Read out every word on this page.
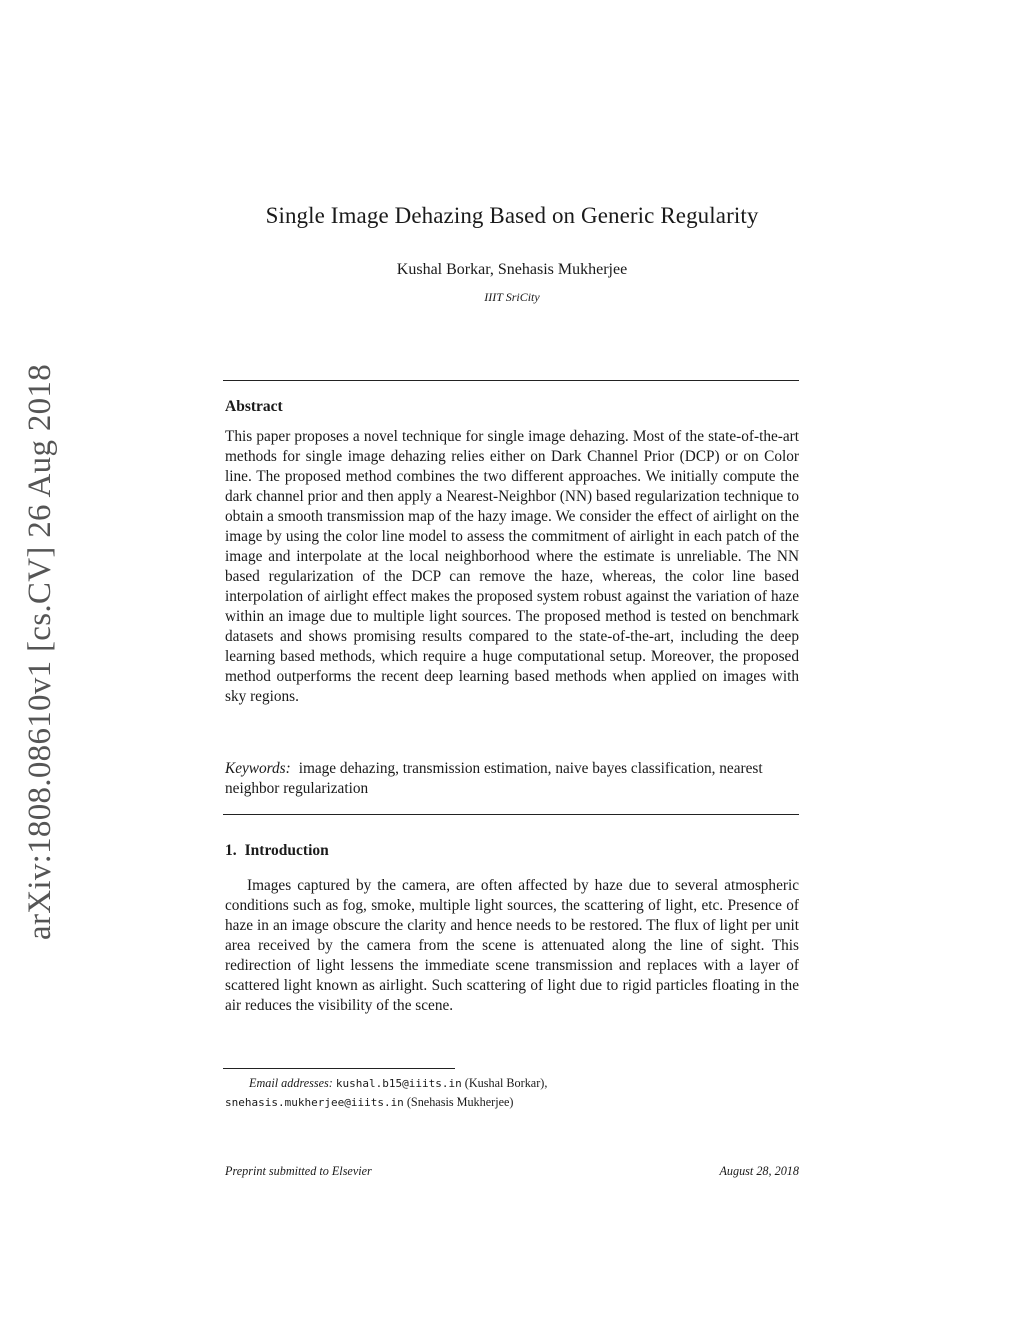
arXiv:1808.08610v1 [cs.CV] 26 Aug 2018
Single Image Dehazing Based on Generic Regularity
Kushal Borkar, Snehasis Mukherjee
IIIT SriCity
Abstract

This paper proposes a novel technique for single image dehazing. Most of the state-of-the-art methods for single image dehazing relies either on Dark Channel Prior (DCP) or on Color line. The proposed method combines the two different approaches. We initially compute the dark channel prior and then apply a Nearest-Neighbor (NN) based regularization technique to obtain a smooth transmission map of the hazy image. We consider the effect of airlight on the image by using the color line model to assess the commitment of airlight in each patch of the image and interpolate at the local neighborhood where the estimate is unreliable. The NN based regularization of the DCP can remove the haze, whereas, the color line based interpolation of airlight effect makes the proposed system robust against the variation of haze within an image due to multiple light sources. The proposed method is tested on benchmark datasets and shows promising results compared to the state-of-the-art, including the deep learning based methods, which require a huge computational setup. Moreover, the proposed method outperforms the recent deep learning based methods when applied on images with sky regions.

Keywords: image dehazing, transmission estimation, naive bayes classification, nearest neighbor regularization
1. Introduction

Images captured by the camera, are often affected by haze due to several atmospheric conditions such as fog, smoke, multiple light sources, the scattering of light, etc. Presence of haze in an image obscure the clarity and hence needs to be restored. The flux of light per unit area received by the camera from the scene is attenuated along the line of sight. This redirection of light lessens the immediate scene transmission and replaces with a layer of scattered light known as airlight. Such scattering of light due to rigid particles floating in the air reduces the visibility of the scene.

Email addresses: kushal.b15@iiits.in (Kushal Borkar),
snehasis.mukherjee@iiits.in (Snehasis Mukherjee)
Preprint submitted to Elsevier	August 28, 2018
